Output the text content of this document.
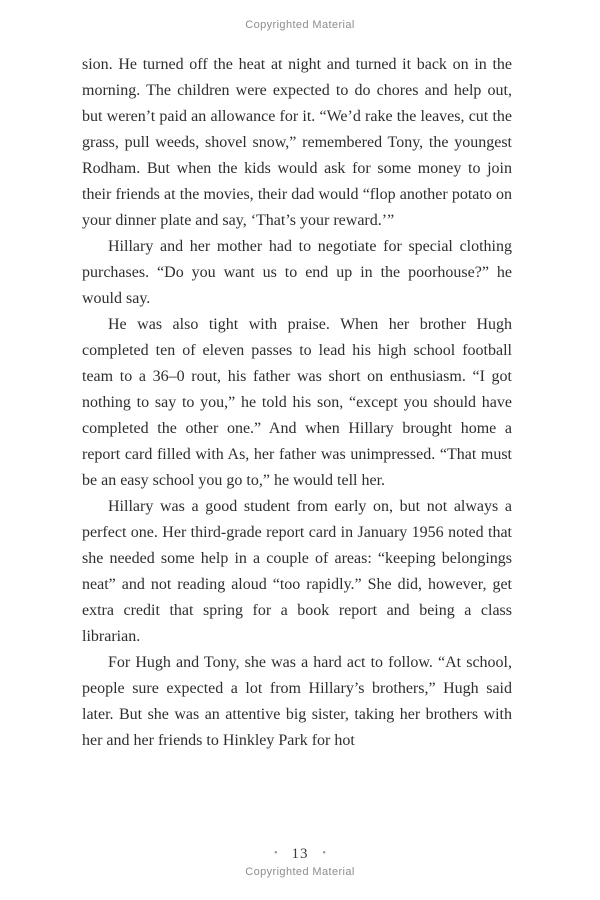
Copyrighted Material

sion. He turned off the heat at night and turned it back on in the morning. The children were expected to do chores and help out, but weren’t paid an allowance for it. “We’d rake the leaves, cut the grass, pull weeds, shovel snow,” remembered Tony, the youngest Rodham. But when the kids would ask for some money to join their friends at the movies, their dad would “flop another potato on your dinner plate and say, ‘That’s your reward.’”

Hillary and her mother had to negotiate for special clothing purchases. “Do you want us to end up in the poorhouse?” he would say.

He was also tight with praise. When her brother Hugh completed ten of eleven passes to lead his high school football team to a 36–0 rout, his father was short on enthusiasm. “I got nothing to say to you,” he told his son, “except you should have completed the other one.” And when Hillary brought home a report card filled with As, her father was unimpressed. “That must be an easy school you go to,” he would tell her.

Hillary was a good student from early on, but not always a perfect one. Her third-grade report card in January 1956 noted that she needed some help in a couple of areas: “keeping belongings neat” and not reading aloud “too rapidly.” She did, however, get extra credit that spring for a book report and being a class librarian.

For Hugh and Tony, she was a hard act to follow. “At school, people sure expected a lot from Hillary’s brothers,” Hugh said later. But she was an attentive big sister, taking her brothers with her and her friends to Hinkley Park for hot

• 13 •
Copyrighted Material
